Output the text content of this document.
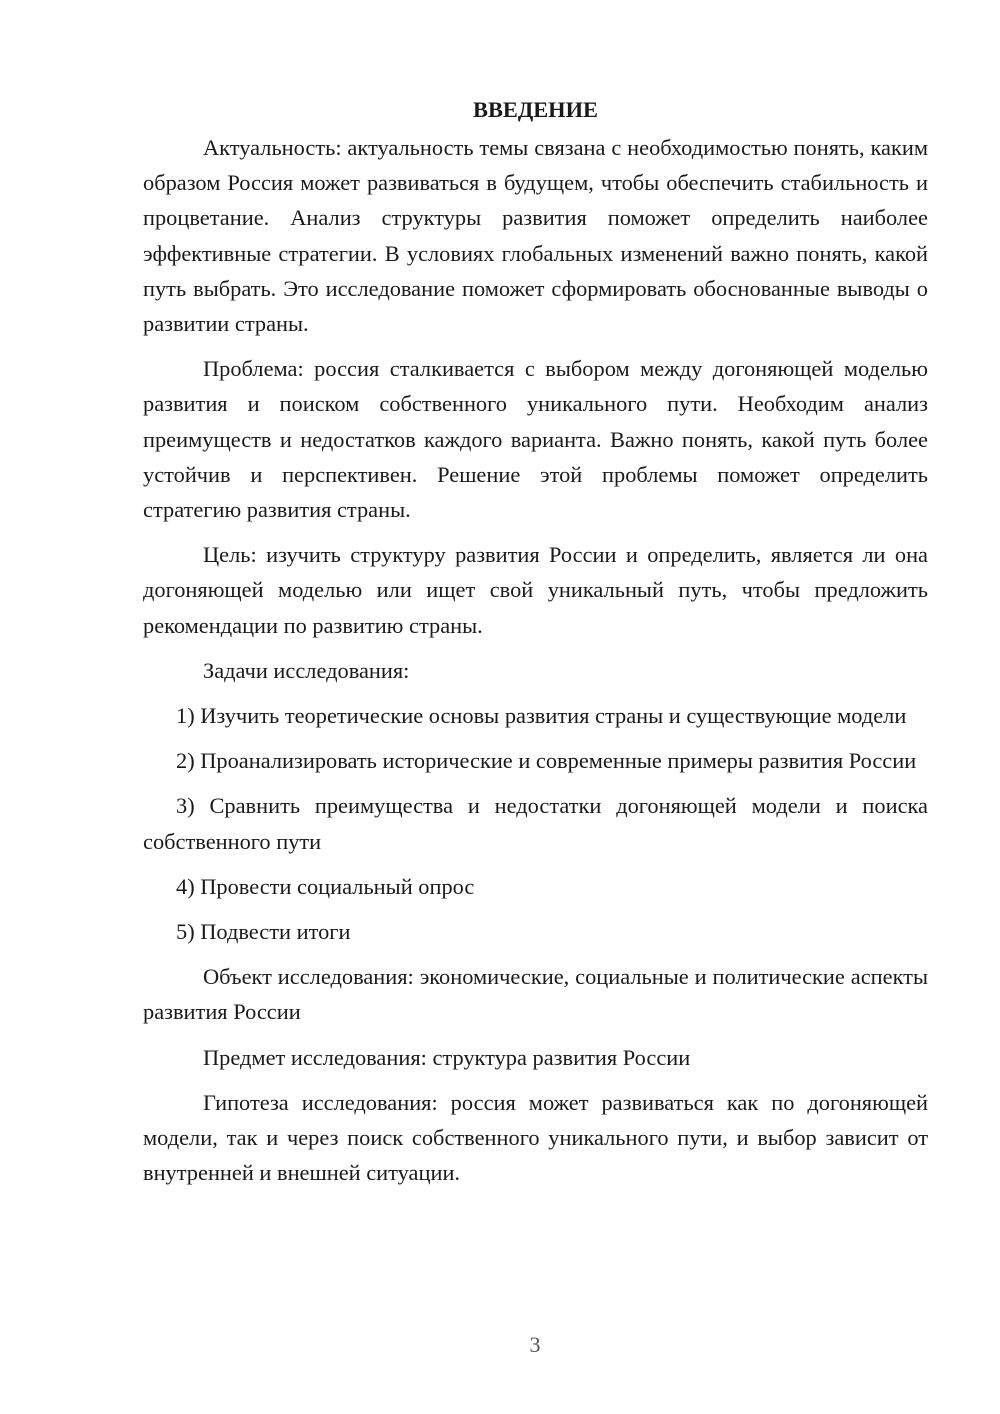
ВВЕДЕНИЕ

Актуальность: актуальность темы связана с необходимостью понять, каким образом Россия может развиваться в будущем, чтобы обеспечить стабильность и процветание. Анализ структуры развития поможет определить наиболее эффективные стратегии. В условиях глобальных изменений важно понять, какой путь выбрать. Это исследование поможет сформировать обоснованные выводы о развитии страны.

Проблема: россия сталкивается с выбором между догоняющей моделью развития и поиском собственного уникального пути. Необходим анализ преимуществ и недостатков каждого варианта. Важно понять, какой путь более устойчив и перспективен. Решение этой проблемы поможет определить стратегию развития страны.

Цель: изучить структуру развития России и определить, является ли она догоняющей моделью или ищет свой уникальный путь, чтобы предложить рекомендации по развитию страны.

Задачи исследования:

1) Изучить теоретические основы развития страны и существующие модели

2) Проанализировать исторические и современные примеры развития России

3) Сравнить преимущества и недостатки догоняющей модели и поиска собственного пути

4) Провести социальный опрос

5) Подвести итоги

Объект исследования: экономические, социальные и политические аспекты развития России

Предмет исследования: структура развития России

Гипотеза исследования: россия может развиваться как по догоняющей модели, так и через поиск собственного уникального пути, и выбор зависит от внутренней и внешней ситуации.

3
